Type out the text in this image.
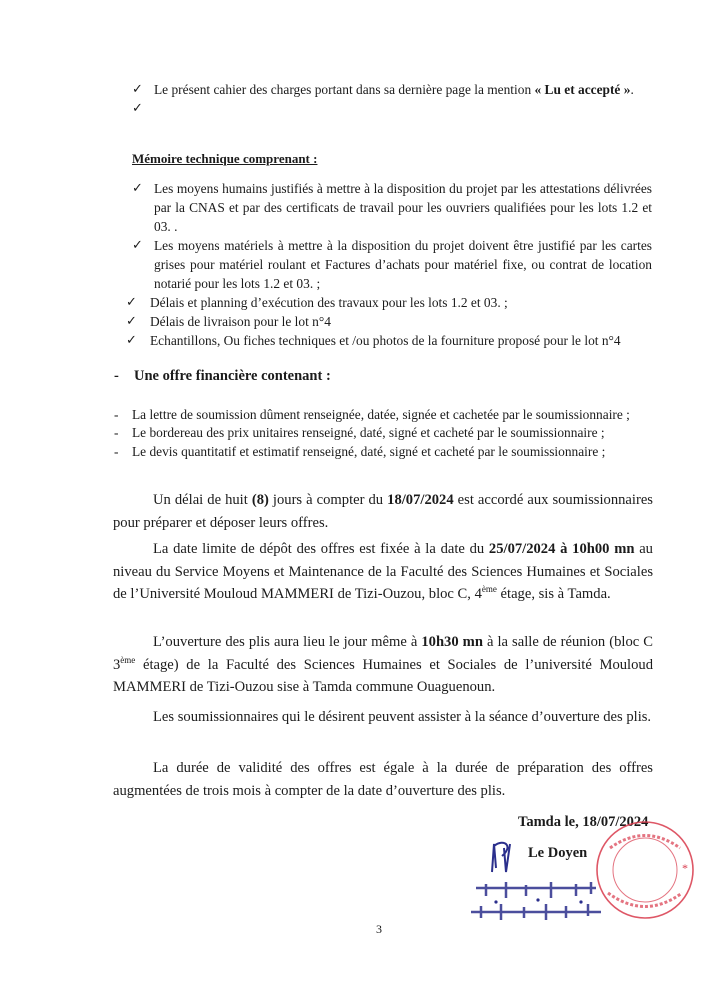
✓ Le présent cahier des charges portant dans sa dernière page la mention « Lu et accepté ».

✓

Mémoire technique comprenant :

✓ Les moyens humains justifiés à mettre à la disposition du projet par les attestations délivrées par la CNAS et par des certificats de travail pour les ouvriers qualifiées pour les lots 1.2 et 03. .

✓ Les moyens matériels à mettre à la disposition du projet doivent être justifié par les cartes grises pour matériel roulant et Factures d’achats pour matériel fixe, ou contrat de location notarié pour les lots 1.2 et 03. ;

✓ Délais et planning d’exécution des travaux pour les lots 1.2 et 03. ;

✓ Délais de livraison pour le lot n°4

✓ Echantillons, Ou fiches techniques et /ou photos de la fourniture proposé pour le lot n°4

- Une offre financière contenant :
- La lettre de soumission dûment renseignée, datée, signée et cachetée par le soumissionnaire ;
- Le bordereau des prix unitaires renseigné, daté, signé et cacheté par le soumissionnaire ;
- Le devis quantitatif et estimatif renseigné, daté, signé et cacheté par le soumissionnaire ;
Un délai de huit (8) jours à compter du 18/07/2024 est accordé aux soumissionnaires pour préparer et déposer leurs offres.
La date limite de dépôt des offres est fixée à la date du 25/07/2024 à 10h00 mn au niveau du Service Moyens et Maintenance de la Faculté des Sciences Humaines et Sociales de l’Université Mouloud MAMMERI de Tizi-Ouzou, bloc C, 4ème étage, sis à Tamda.
L’ouverture des plis aura lieu le jour même à 10h30 mn à la salle de réunion (bloc C 3ème étage) de la Faculté des Sciences Humaines et Sociales de l’université Mouloud MAMMERI de Tizi-Ouzou sise à Tamda commune Ouaguenoun.
Les soumissionnaires qui le désirent peuvent assister à la séance d’ouverture des plis.
La durée de validité des offres est égale à la durée de préparation des offres augmentées de trois mois à compter de la date d’ouverture des plis.
Tamda le, 18/07/2024
Le Doyen
*
3
